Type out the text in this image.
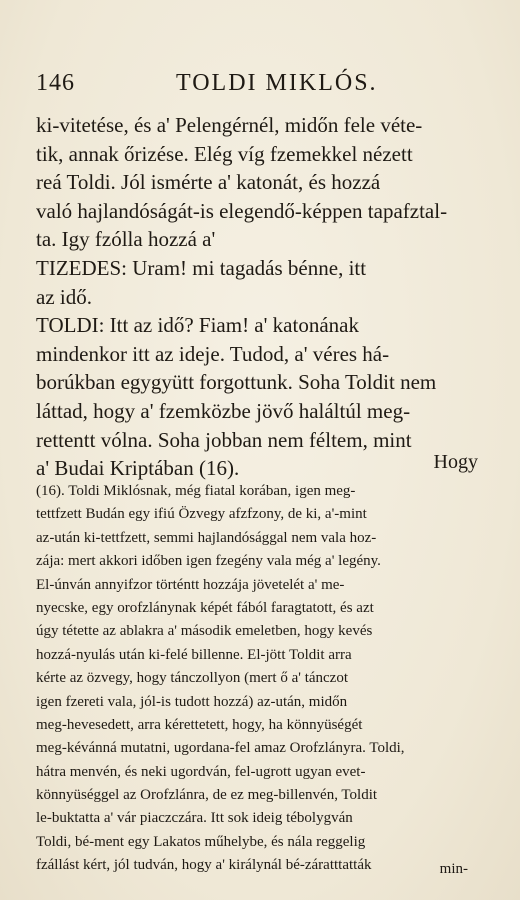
146	TOLDI MIKLÓS.
ki-vitetése, és a' Pelengérnél, midőn fele véte-
tik, annak őrizése. Elég víg fzemekkel nézett
reá Toldi. Jól ismérte a' katonát, és hozzá
való hajlandóságát-is elegendő-képpen tapafztal-
ta. Igy fzólla hozzá a'
TIZEDES: Uram! mi tagadás bénne, itt
az idő.
TOLDI: Itt az idő? Fiam! a' katonának
mindenkor itt az ideje. Tudod, a' véres há-
borúkban egygyütt forgottunk. Soha Toldit nem
láttad, hogy a' fzemközbe jövő haláltúl meg-
rettentt vólna. Soha jobban nem féltem, mint
a' Budai Kriptában (16).	Hogy
(16). Toldi Miklósnak, még fiatal korában, igen meg-
tettfzett Budán egy ifiú Özvegy afzfzony, de ki, a'-mint
az-után ki-tettfzett, semmi hajlandósággal nem vala hoz-
zája: mert akkori időben igen fzegény vala még a' legény.
El-únván annyifzor történtt hozzája jövetelét a' me-
nyecske, egy orofzlánynak képét fából faragtatott, és azt
úgy tétette az ablakra a' második emeletben, hogy kevés
hozzá-nyulás után ki-felé billenne. El-jött Toldit arra
kérte az özvegy, hogy tánczollyon (mert ő a' tánczot
igen fzereti vala, jól-is tudott hozzá) az-után, midőn
meg-hevesedett, arra kérettetett, hogy, ha könnyüségét
meg-kévánná mutatni, ugordana-fel amaz Orofzlányra. Toldi,
hátra menvén, és neki ugordván, fel-ugrott ugyan evet-
könnyüséggel az Orofzlánra, de ez meg-billenvén, Toldit
le-buktatta a' vár piaczczára. Itt sok ideig tébolygván
Toldi, bé-ment egy Lakatos műhelybe, és nála reggelig
fzállást kért, jól tudván, hogy a' királynál bé-záratttatták	min-
